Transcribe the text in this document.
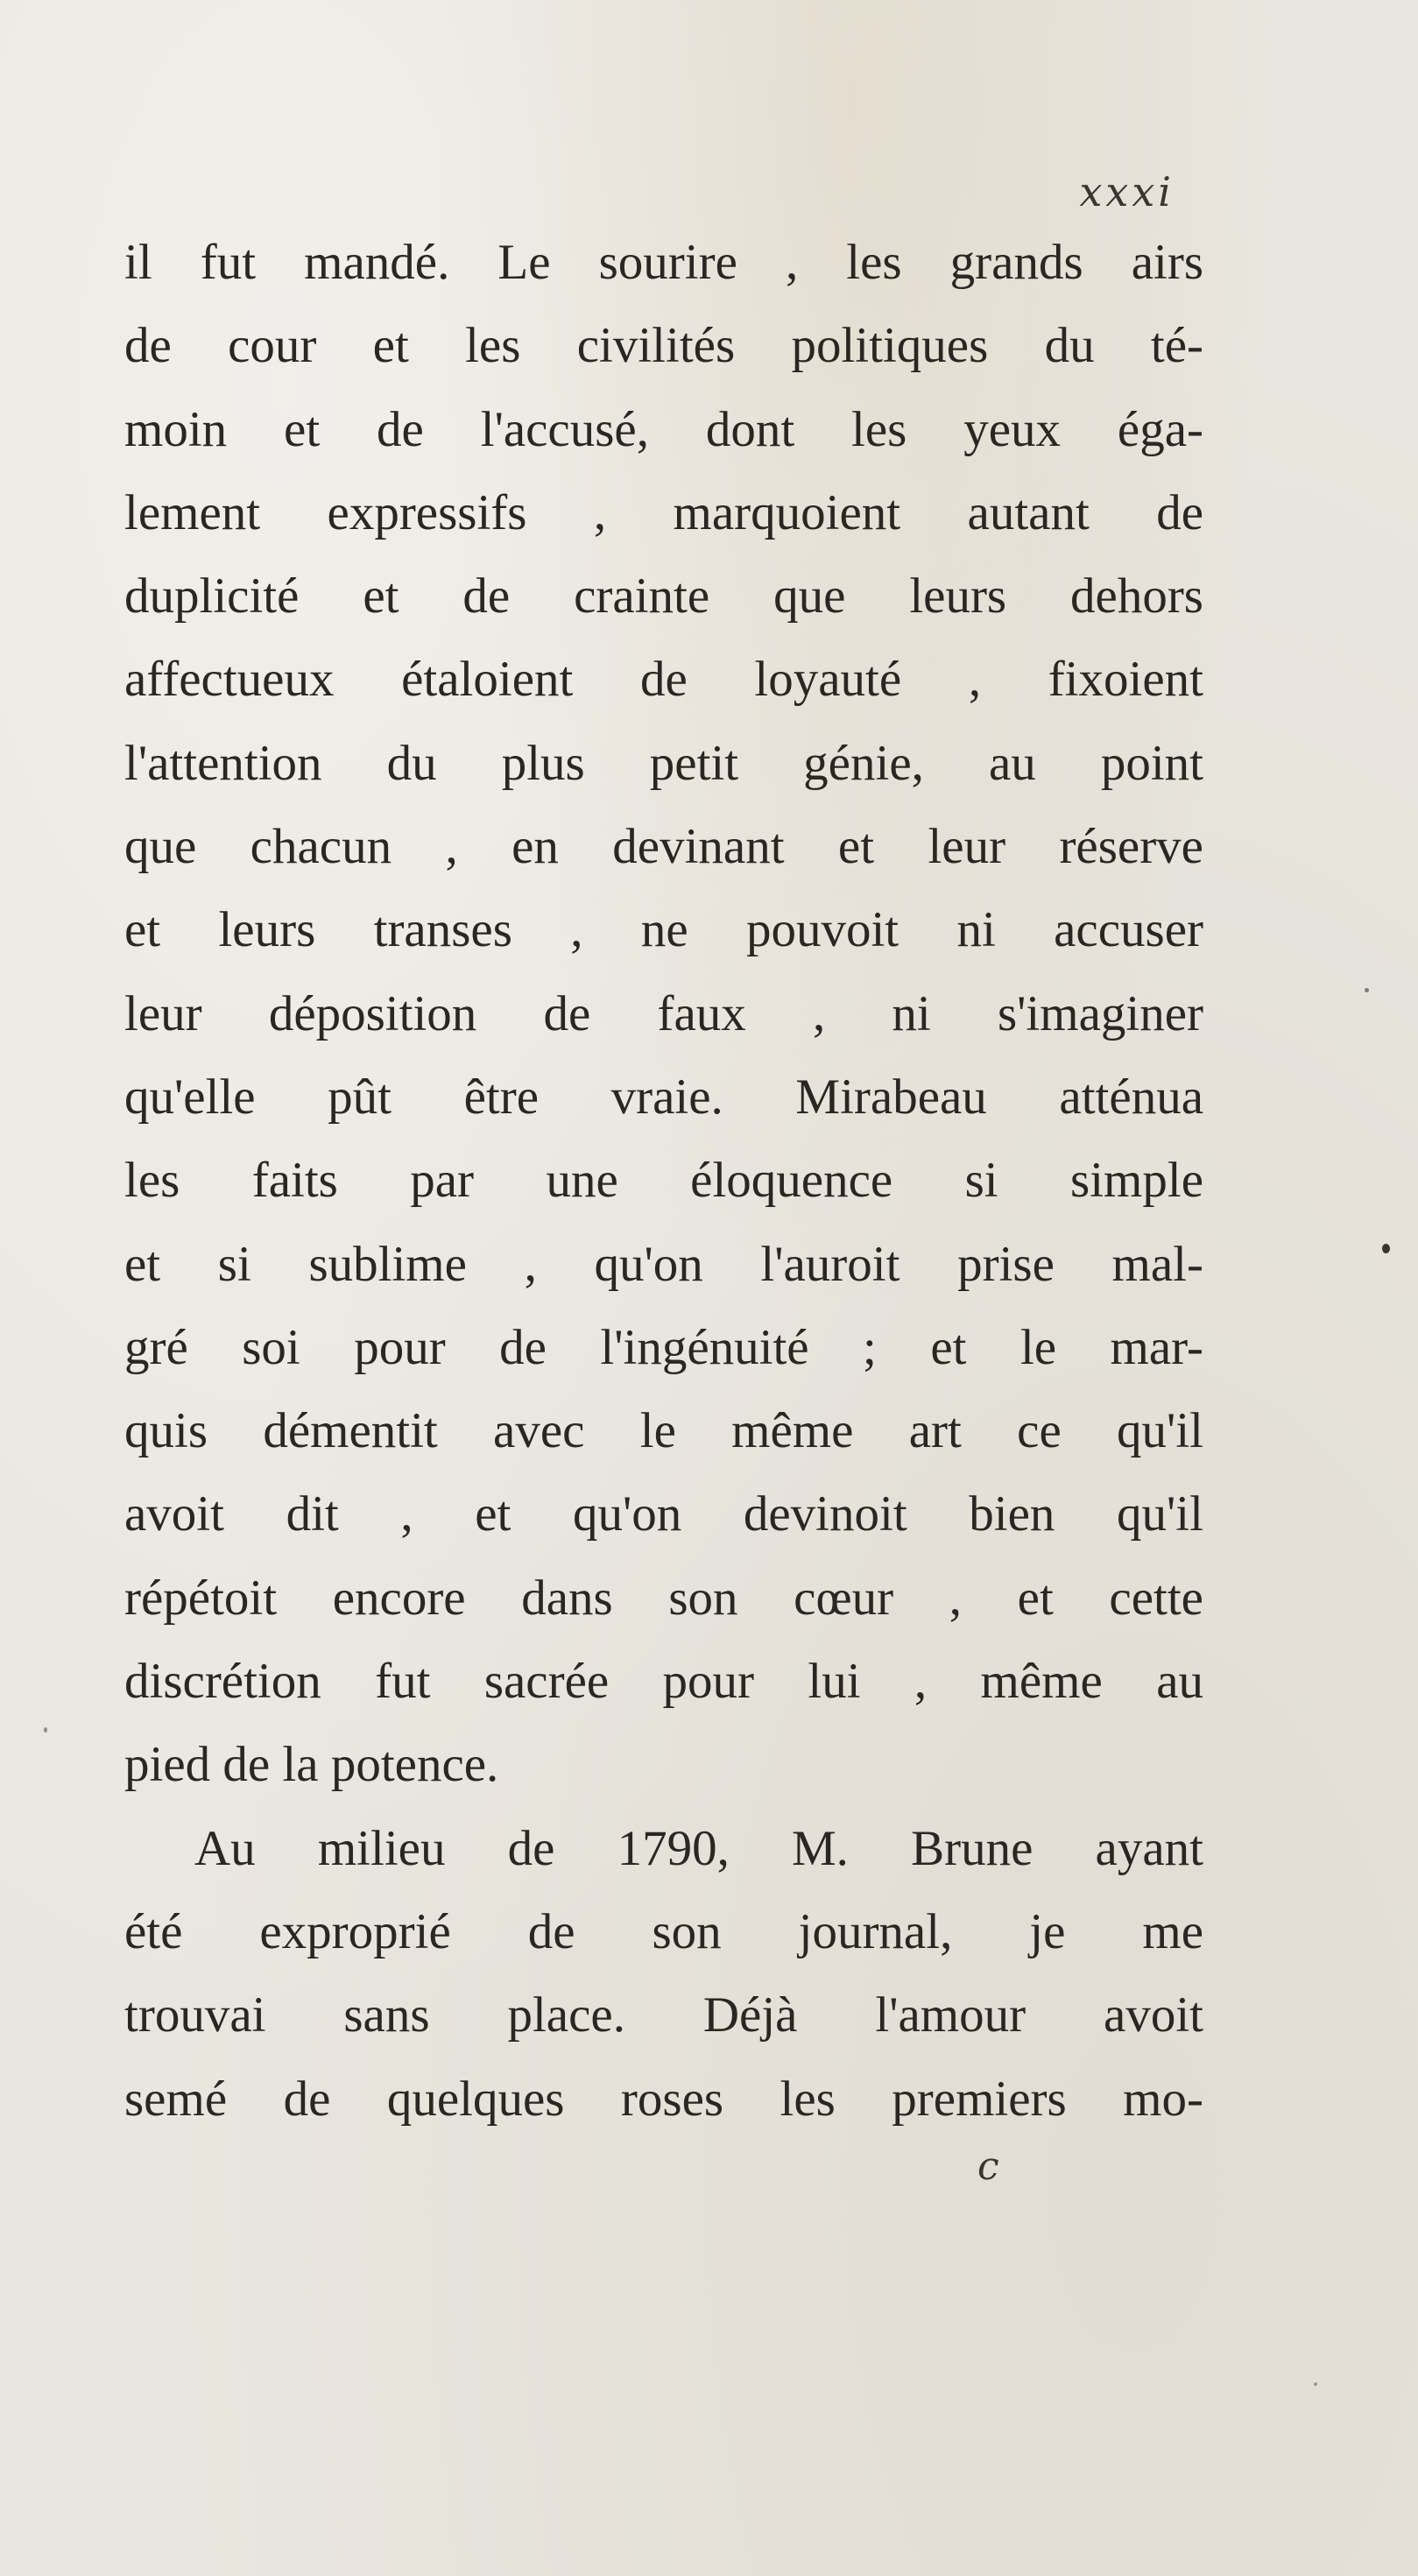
xxxi
il fut mandé. Le sourire , les grands airs
de cour et les civilités politiques du té-
moin et de l'accusé, dont les yeux éga-
lement expressifs , marquoient autant de
duplicité et de crainte que leurs dehors
affectueux étaloient de loyauté , fixoient
l'attention du plus petit génie, au point
que chacun , en devinant et leur réserve
et leurs transes , ne pouvoit ni accuser
leur déposition de faux , ni s'imaginer
qu'elle pût être vraie. Mirabeau atténua
les faits par une éloquence si simple
et si sublime , qu'on l'auroit prise mal-
gré soi pour de l'ingénuité ; et le mar-
quis démentit avec le même art ce qu'il
avoit dit , et qu'on devinoit bien qu'il
répétoit encore dans son cœur , et cette
discrétion fut sacrée pour lui , même au
pied de la potence.
Au milieu de 1790, M. Brune ayant
été exproprié de son journal, je me
trouvai sans place. Déjà l'amour avoit
semé de quelques roses les premiers mo-
c
